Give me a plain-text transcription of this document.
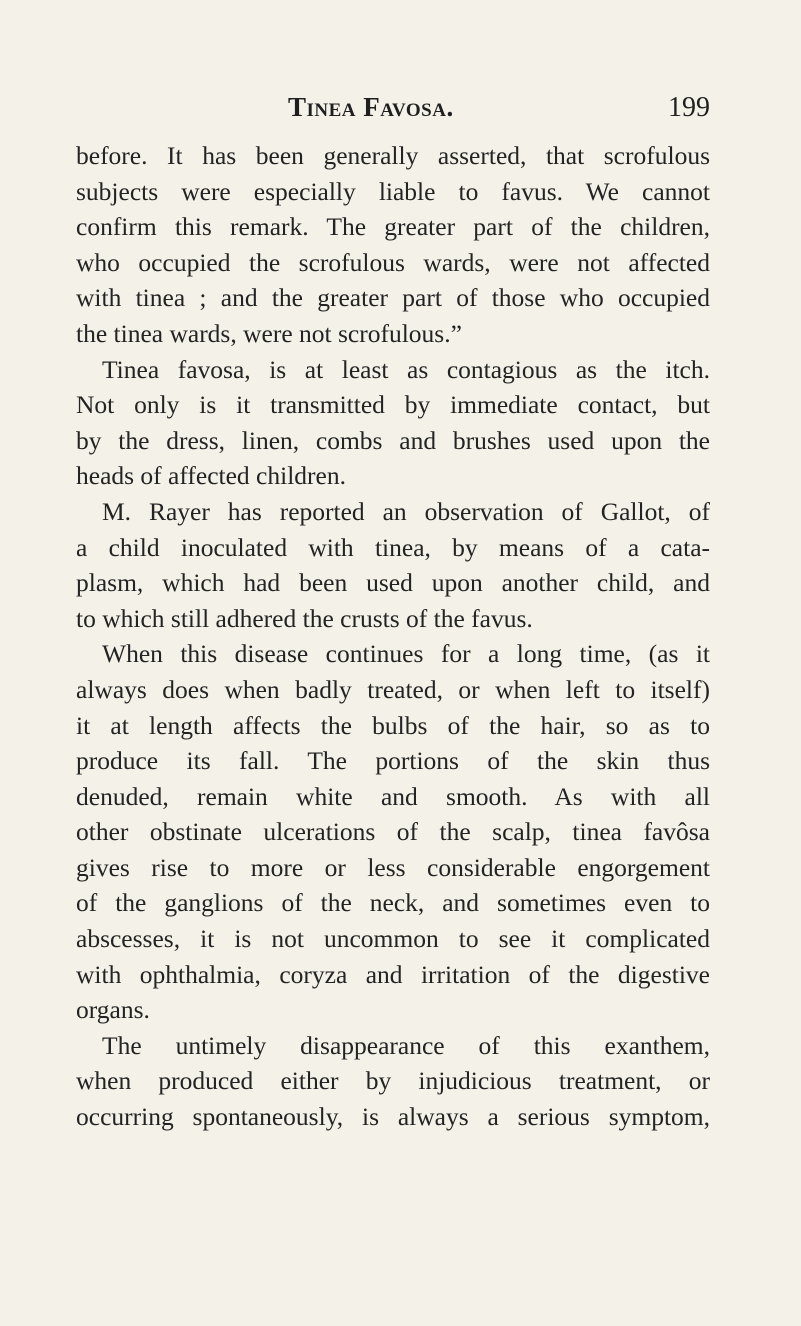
Tinea Favosa.	199
before. It has been generally asserted, that scrofulous
subjects were especially liable to favus. We cannot
confirm this remark. The greater part of the children,
who occupied the scrofulous wards, were not affected
with tinea ; and the greater part of those who occupied
the tinea wards, were not scrofulous.”
Tinea favosa, is at least as contagious as the itch.
Not only is it transmitted by immediate contact, but
by the dress, linen, combs and brushes used upon the
heads of affected children.
M. Rayer has reported an observation of Gallot, of
a child inoculated with tinea, by means of a cata-
plasm, which had been used upon another child, and
to which still adhered the crusts of the favus.
When this disease continues for a long time, (as it
always does when badly treated, or when left to itself)
it at length affects the bulbs of the hair, so as to
produce its fall. The portions of the skin thus
denuded, remain white and smooth. As with all
other obstinate ulcerations of the scalp, tinea favôsa
gives rise to more or less considerable engorgement
of the ganglions of the neck, and sometimes even to
abscesses, it is not uncommon to see it complicated
with ophthalmia, coryza and irritation of the digestive
organs.
The untimely disappearance of this exanthem,
when produced either by injudicious treatment, or
occurring spontaneously, is always a serious symptom,
